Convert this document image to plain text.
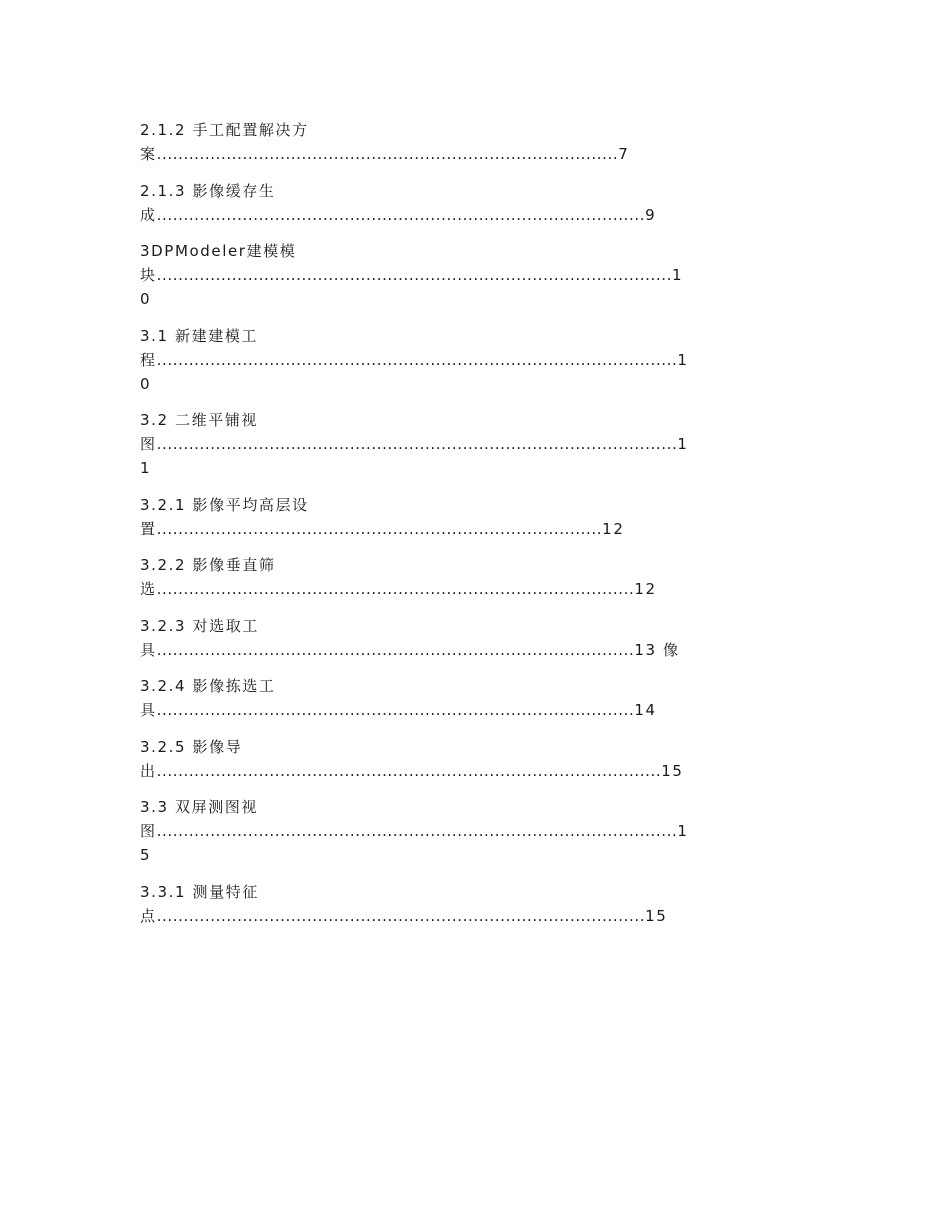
2.1.2 手工配置解决方
案......................................................................................7
2.1.3 影像缓存生
成...........................................................................................9
3DPModeler建模模
块................................................................................................1
0
3.1 新建建模工
程.................................................................................................1
0
3.2 二维平铺视
图.................................................................................................1
1
3.2.1 影像平均高层设
置...................................................................................12
3.2.2 影像垂直筛
选.........................................................................................12
3.2.3 对选取工
具.........................................................................................13 像
3.2.4 影像拣选工
具.........................................................................................14
3.2.5 影像导
出..............................................................................................15
3.3 双屏测图视
图.................................................................................................1
5
3.3.1 测量特征
点...........................................................................................15
